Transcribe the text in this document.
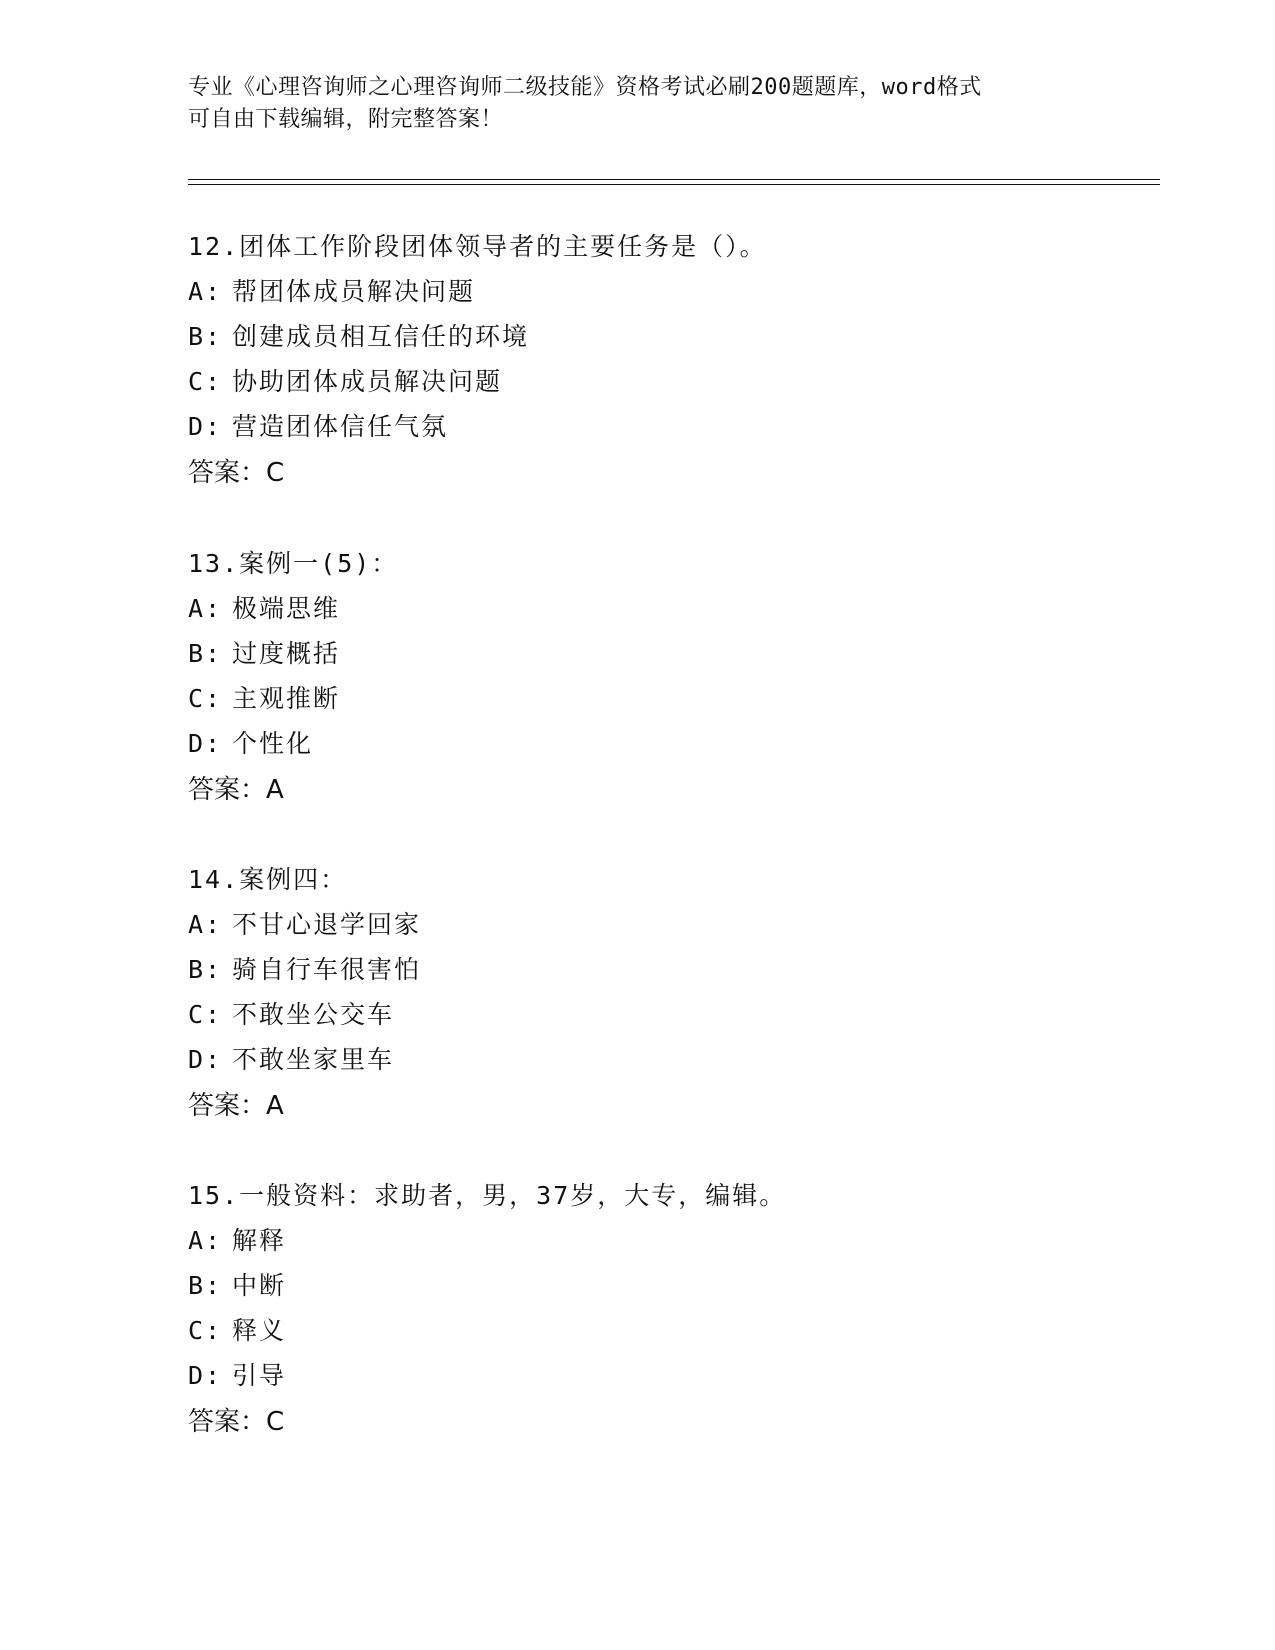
专业《心理咨询师之心理咨询师二级技能》资格考试必刷200题题库，word格式
可自由下载编辑，附完整答案！
12.团体工作阶段团体领导者的主要任务是（）。
A: 帮团体成员解决问题
B: 创建成员相互信任的环境
C: 协助团体成员解决问题
D: 营造团体信任气氛
答案：C
13.案例一(5)：
A: 极端思维
B: 过度概括
C: 主观推断
D: 个性化
答案：A
14.案例四：
A: 不甘心退学回家
B: 骑自行车很害怕
C: 不敢坐公交车
D: 不敢坐家里车
答案：A
15.一般资料：求助者，男，37岁，大专，编辑。
A: 解释
B: 中断
C: 释义
D: 引导
答案：C
